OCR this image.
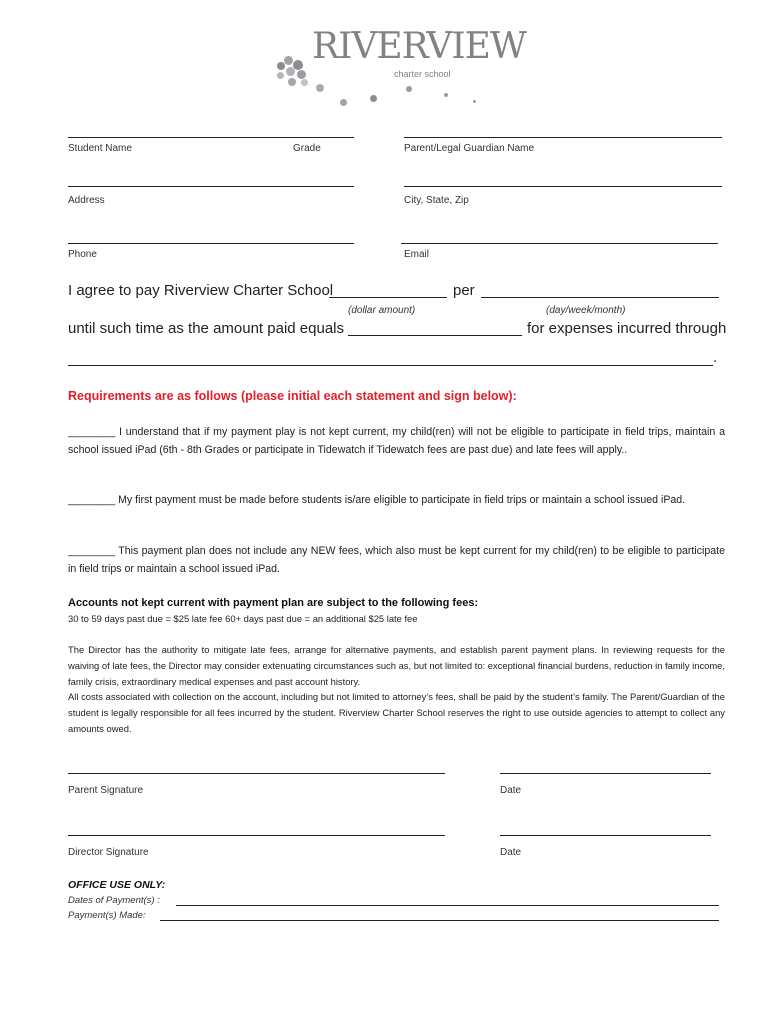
RIVERVIEW
charter school
Student Name	Grade	Parent/Legal Guardian Name
Address	City, State, Zip
Phone	Email
I agree to pay Riverview Charter School	per
(dollar amount)	(day/week/month)
until such time as the amount paid equals	for expenses incurred through
.
Requirements are as follows (please initial each statement and sign below):
________ I understand that if my payment play is not kept current, my child(ren) will not be eligible to participate in field trips, maintain a school issued iPad (6th - 8th Grades or participate in Tidewatch if Tidewatch fees are past due) and late fees will apply..
________ My first payment must be made before students is/are eligible to participate in field trips or maintain a school issued iPad.
________ This payment plan does not include any NEW fees, which also must be kept current for my child(ren) to be eligible to participate in field trips or maintain a school issued iPad.
Accounts not kept current with payment plan are subject to the following fees:
30 to 59 days past due = $25 late fee 60+ days past due = an additional $25 late fee
The Director has the authority to mitigate late fees, arrange for alternative payments, and establish parent payment plans. In reviewing requests for the waiving of late fees, the Director may consider extenuating circumstances such as, but not limited to: exceptional financial burdens, reduction in family income, family crisis, extraordinary medical expenses and past account history.
All costs associated with collection on the account, including but not limited to attorney’s fees, shall be paid by the student’s family. The Parent/Guardian of the student is legally responsible for all fees incurred by the student. Riverview Charter School reserves the right to use outside agencies to attempt to collect any amounts owed.
Parent Signature	Date
Director Signature	Date
OFFICE USE ONLY:
Dates of Payment(s) :
Payment(s) Made:
